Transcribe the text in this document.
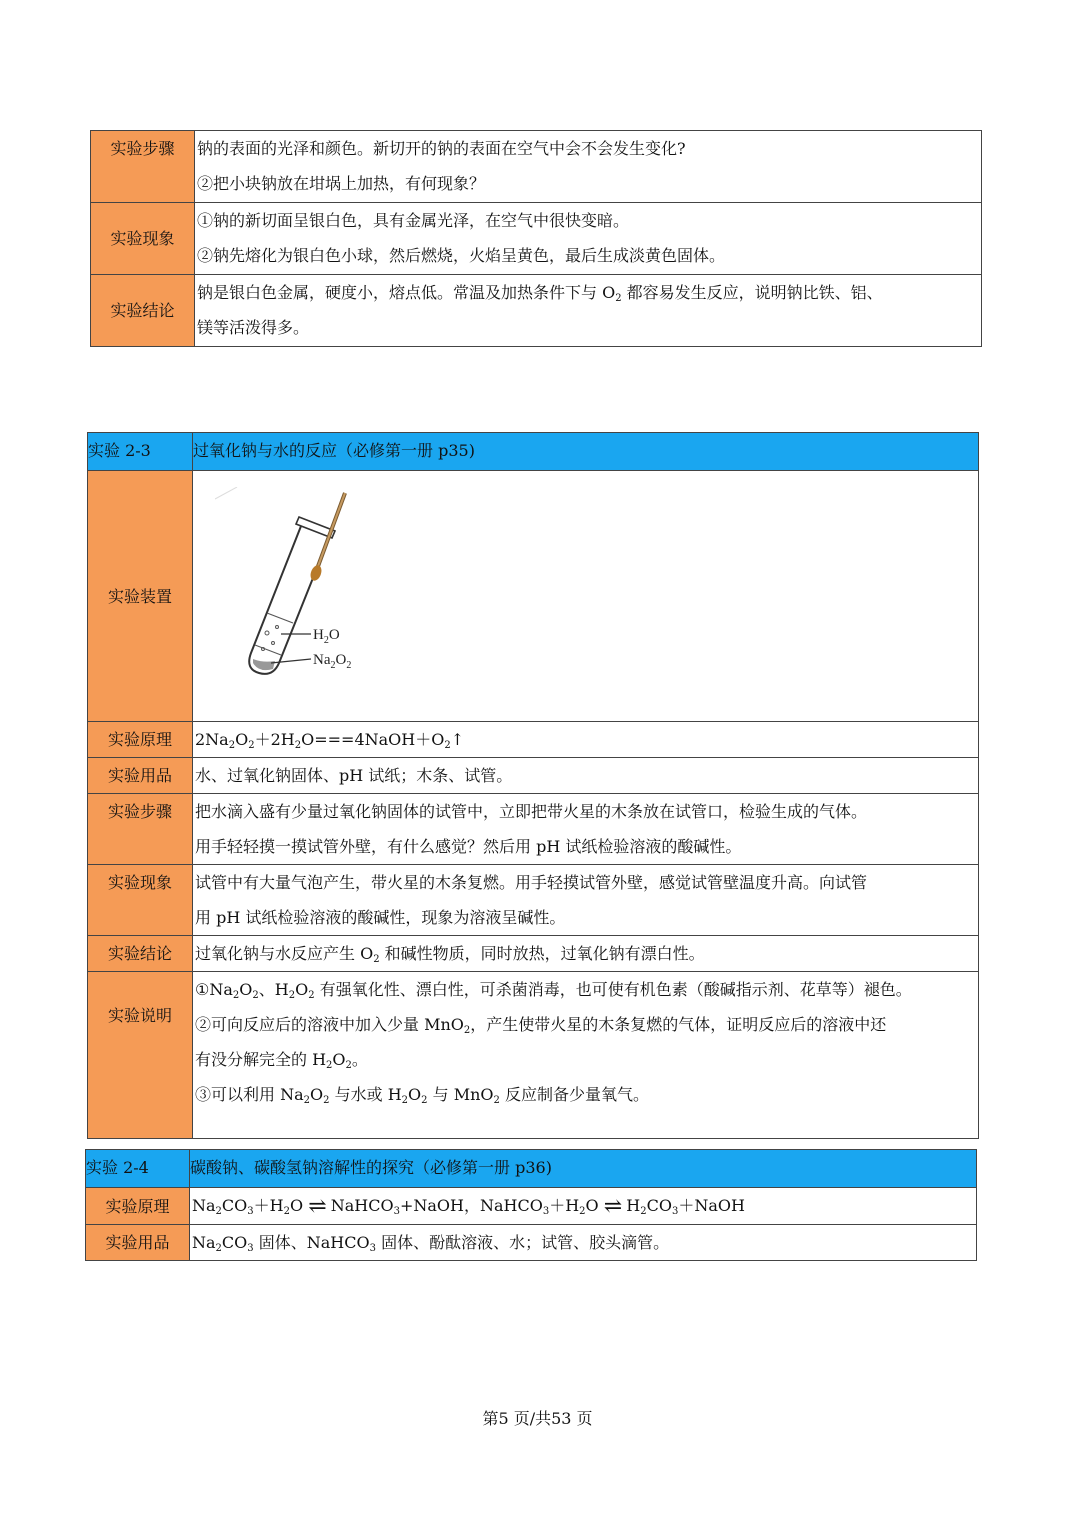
实验步骤	钠的表面的光泽和颜色。新切开的钠的表面在空气中会不会发生变化?
②把小块钠放在坩埚上加热，有何现象？

实验现象	①钠的新切面呈银白色，具有金属光泽，在空气中很快变暗。
②钠先熔化为银白色小球，然后燃烧，火焰呈黄色，最后生成淡黄色固体。

实验结论	钠是银白色金属，硬度小，熔点低。常温及加热条件下与 $O_2$ 都容易发生反应，说明钠比铁、铝、
镁等活泼得多。
实验 2-3	过氧化钠与水的反应（必修第一册 p35)
实验装置	$H_2O$
$Na_2O_2$

实验原理	$2Na_2O_2+2H_2O===4NaOH+O_2↑$

实验用品	水、过氧化钠固体、pH 试纸；木条、试管。
实验步骤	把水滴入盛有少量过氧化钠固体的试管中，立即把带火星的木条放在试管口，检验生成的气体。
用手轻轻摸一摸试管外壁，有什么感觉？然后用 pH 试纸检验溶液的酸碱性。

实验现象	试管中有大量气泡产生，带火星的木条复燃。用手轻摸试管外壁，感觉试管壁温度升高。向试管
用 pH 试纸检验溶液的酸碱性，现象为溶液呈碱性。

实验结论	过氧化钠与水反应产生 $O_2$ 和碱性物质，同时放热，过氧化钠有漂白性。

实验说明	$①Na_2O_2$、$H_2O_2$ 有强氧化性、漂白性，可杀菌消毒，也可使有机色素（酸碱指示剂、花草等）褪色。
②可向反应后的溶液中加入少量 MnO$_2$，产生使带火星的木条复燃的气体，证明反应后的溶液中还
有没分解完全的 $H_2O_2$。
③可以利用 $Na_2O_2$ 与水或 $H_2O_2$ 与 MnO$_2$ 反应制备少量氧气。
实验 2-4	碳酸钠、碳酸氢钠溶解性的探究（必修第一册 p36)
实验原理	$Na_2CO_3+H_2O$ ⇌ NaHCO$_3$+NaOH，$NaHCO_3+H_2O$ ⇌ $H_2CO_3+NaOH$

实验用品	$Na_2CO_3$ 固体、NaHCO$_3$ 固体、酚酞溶液、水；试管、胶头滴管。
第5 页/共53 页
